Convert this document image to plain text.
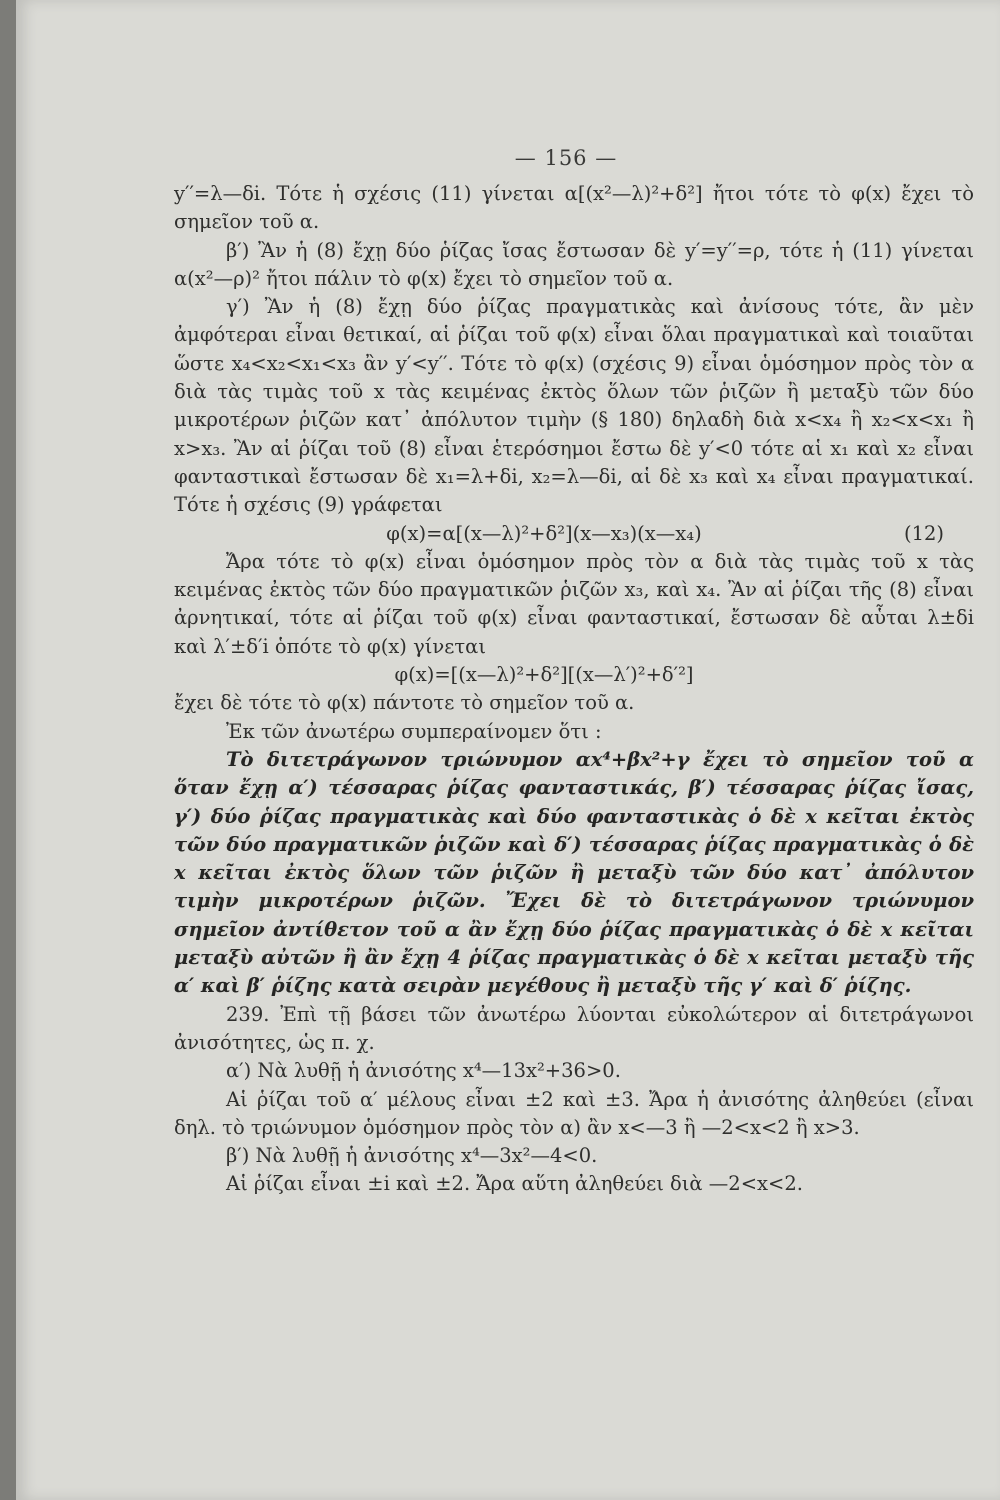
— 156 —

y′′=λ—δi. Τότε ἡ σχέσις (11) γίνεται α[(x²—λ)²+δ²] ἤτοι τότε τὸ φ(x) ἔχει τὸ σημεῖον τοῦ α.

β′) Ἂν ἡ (8) ἔχῃ δύο ῥίζας ἴσας ἔστωσαν δὲ y′=y′′=ρ, τότε ἡ (11) γίνεται α(x²—ρ)² ἤτοι πάλιν τὸ φ(x) ἔχει τὸ σημεῖον τοῦ α.

γ′) Ἂν ἡ (8) ἔχῃ δύο ῥίζας πραγματικὰς καὶ ἀνίσους τότε, ἂν μὲν ἀμφότεραι εἶναι θετικαί, αἱ ῥίζαι τοῦ φ(x) εἶναι ὅλαι πραγματικαὶ καὶ τοιαῦται ὥστε x₄<x₂<x₁<x₃ ἂν y′<y′′. Τότε τὸ φ(x) (σχέσις 9) εἶναι ὁμόσημον πρὸς τὸν α διὰ τὰς τιμὰς τοῦ x τὰς κειμένας ἐκτὸς ὅλων τῶν ῥιζῶν ἢ μεταξὺ τῶν δύο μικροτέρων ῥιζῶν κατ᾽ ἀπόλυτον τιμὴν (§ 180) δηλαδὴ διὰ x<x₄ ἢ x₂<x<x₁ ἢ x>x₃. Ἂν αἱ ῥίζαι τοῦ (8) εἶναι ἑτερόσημοι ἔστω δὲ y′<0 τότε αἱ x₁ καὶ x₂ εἶναι φανταστικαὶ ἔστωσαν δὲ x₁=λ+δi, x₂=λ—δi, αἱ δὲ x₃ καὶ x₄ εἶναι πραγματικαί. Τότε ἡ σχέσις (9) γράφεται

φ(x)=α[(x—λ)²+δ²](x—x₃)(x—x₄)	(12)

Ἄρα τότε τὸ φ(x) εἶναι ὁμόσημον πρὸς τὸν α διὰ τὰς τιμὰς τοῦ x τὰς κειμένας ἐκτὸς τῶν δύο πραγματικῶν ῥιζῶν x₃, καὶ x₄. Ἂν αἱ ῥίζαι τῆς (8) εἶναι ἀρνητικαί, τότε αἱ ῥίζαι τοῦ φ(x) εἶναι φανταστικαί, ἔστωσαν δὲ αὗται λ±δi καὶ λ′±δ′i ὁπότε τὸ φ(x) γίνεται

φ(x)=[(x—λ)²+δ²][(x—λ′)²+δ′²]

ἔχει δὲ τότε τὸ φ(x) πάντοτε τὸ σημεῖον τοῦ α.

Ἐκ τῶν ἀνωτέρω συμπεραίνομεν ὅτι :

Τὸ διτετράγωνον τριώνυμον αx⁴+βx²+γ ἔχει τὸ σημεῖον τοῦ α ὅταν ἔχῃ α′) τέσσαρας ῥίζας φανταστικάς, β′) τέσσαρας ῥίζας ἴσας, γ′) δύο ῥίζας πραγματικὰς καὶ δύο φανταστικὰς ὁ δὲ x κεῖται ἐκτὸς τῶν δύο πραγματικῶν ῥιζῶν καὶ δ′) τέσσαρας ῥίζας πραγματικὰς ὁ δὲ x κεῖται ἐκτὸς ὅλων τῶν ῥιζῶν ἢ μεταξὺ τῶν δύο κατ᾽ ἀπόλυτον τιμὴν μικροτέρων ῥιζῶν. Ἔχει δὲ τὸ διτετράγωνον τριώνυμον σημεῖον ἀντίθετον τοῦ α ἂν ἔχῃ δύο ῥίζας πραγματικὰς ὁ δὲ x κεῖται μεταξὺ αὐτῶν ἢ ἂν ἔχῃ 4 ῥίζας πραγματικὰς ὁ δὲ x κεῖται μεταξὺ τῆς α′ καὶ β′ ῥίζης κατὰ σειρὰν μεγέθους ἢ μεταξὺ τῆς γ′ καὶ δ′ ῥίζης.

239. Ἐπὶ τῇ βάσει τῶν ἀνωτέρω λύονται εὐκολώτερον αἱ διτετράγωνοι ἀνισότητες, ὡς π. χ.

α′) Νὰ λυθῇ ἡ ἀνισότης x⁴—13x²+36>0.

Αἱ ῥίζαι τοῦ α′ μέλους εἶναι ±2 καὶ ±3. Ἄρα ἡ ἀνισότης ἀληθεύει (εἶναι δηλ. τὸ τριώνυμον ὁμόσημον πρὸς τὸν α) ἂν x<—3 ἢ —2<x<2 ἢ x>3.

β′) Νὰ λυθῇ ἡ ἀνισότης x⁴—3x²—4<0.

Αἱ ῥίζαι εἶναι ±i καὶ ±2. Ἄρα αὕτη ἀληθεύει διὰ —2<x<2.
